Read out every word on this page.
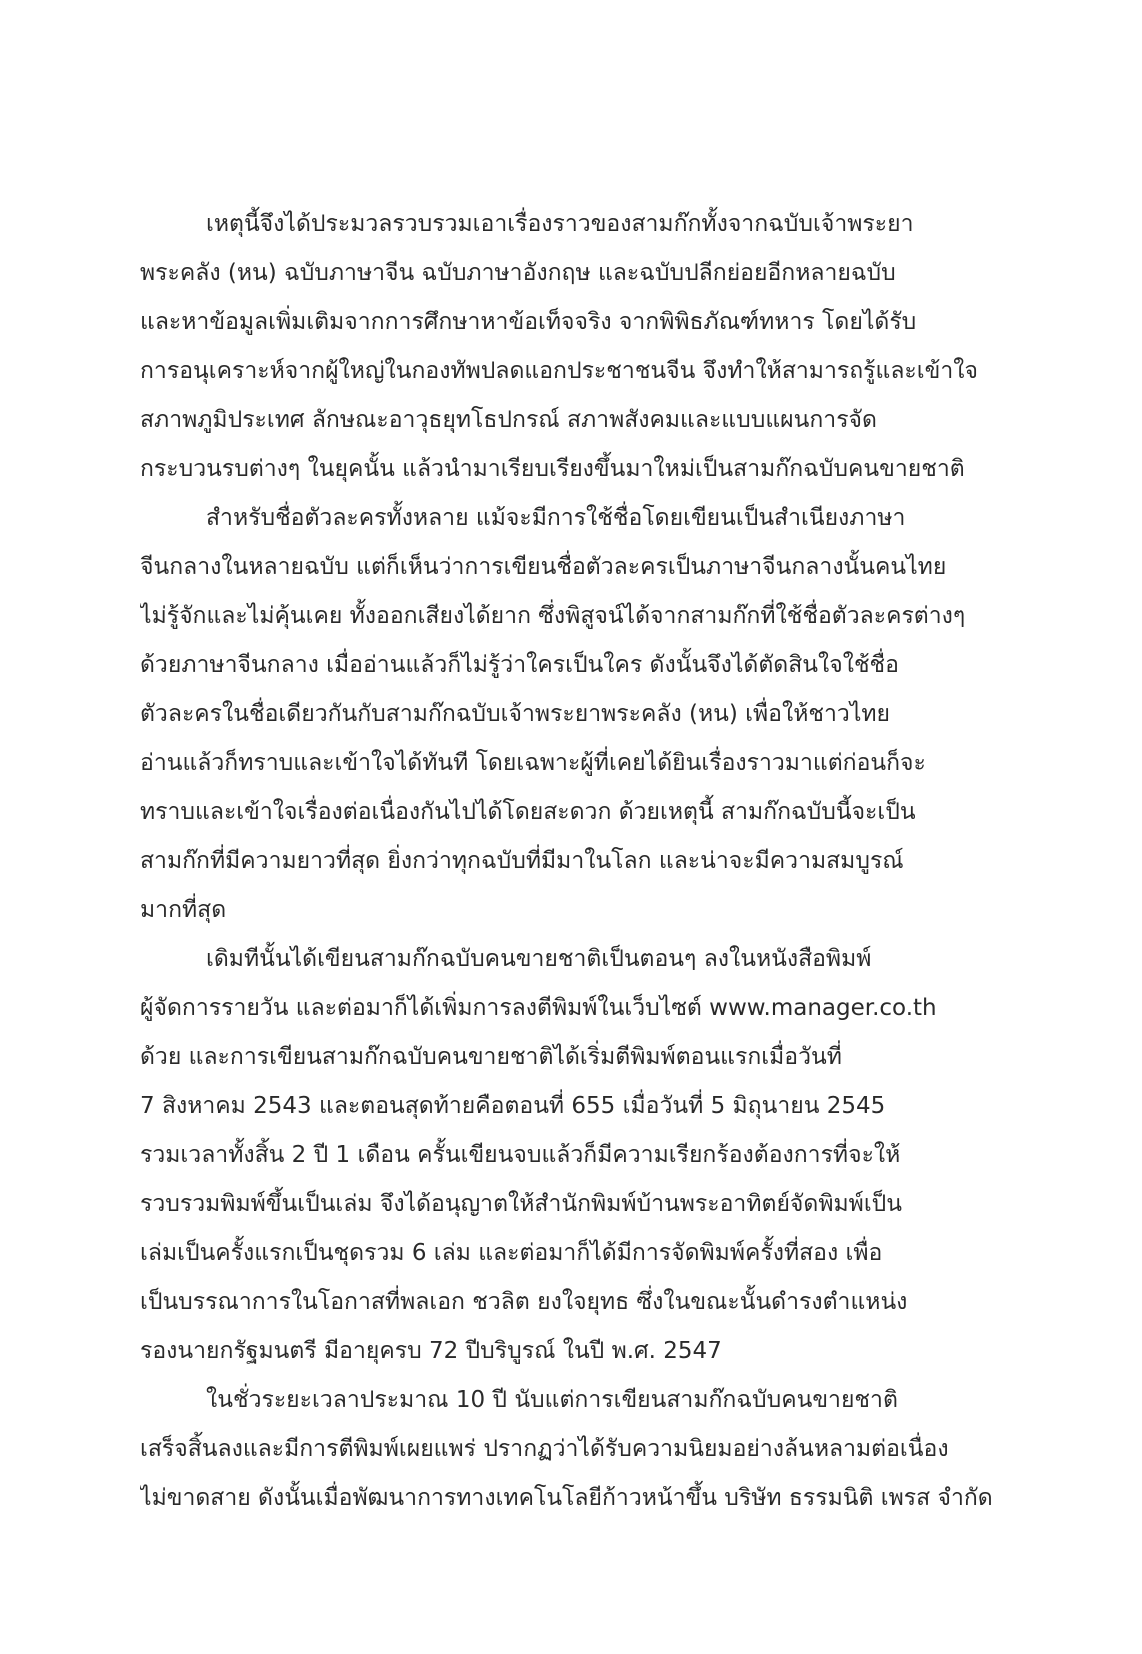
เหตุนี้จึงได้ประมวลรวบรวมเอาเรื่องราวของสามก๊กทั้งจากฉบับเจ้าพระยา
พระคลัง (หน) ฉบับภาษาจีน ฉบับภาษาอังกฤษ และฉบับปลีกย่อยอีกหลายฉบับ
และหาข้อมูลเพิ่มเติมจากการศึกษาหาข้อเท็จจริง จากพิพิธภัณฑ์ทหาร โดยได้รับ
การอนุเคราะห์จากผู้ใหญ่ในกองทัพปลดแอกประชาชนจีน จึงทำให้สามารถรู้และเข้าใจ
สภาพภูมิประเทศ ลักษณะอาวุธยุทโธปกรณ์ สภาพสังคมและแบบแผนการจัด
กระบวนรบต่างๆ ในยุคนั้น แล้วนำมาเรียบเรียงขึ้นมาใหม่เป็นสามก๊กฉบับคนขายชาติ
สำหรับชื่อตัวละครทั้งหลาย แม้จะมีการใช้ชื่อโดยเขียนเป็นสำเนียงภาษา
จีนกลางในหลายฉบับ แต่ก็เห็นว่าการเขียนชื่อตัวละครเป็นภาษาจีนกลางนั้นคนไทย
ไม่รู้จักและไม่คุ้นเคย ทั้งออกเสียงได้ยาก ซึ่งพิสูจน์ได้จากสามก๊กที่ใช้ชื่อตัวละครต่างๆ
ด้วยภาษาจีนกลาง เมื่ออ่านแล้วก็ไม่รู้ว่าใครเป็นใคร ดังนั้นจึงได้ตัดสินใจใช้ชื่อ
ตัวละครในชื่อเดียวกันกับสามก๊กฉบับเจ้าพระยาพระคลัง (หน) เพื่อให้ชาวไทย
อ่านแล้วก็ทราบและเข้าใจได้ทันที โดยเฉพาะผู้ที่เคยได้ยินเรื่องราวมาแต่ก่อนก็จะ
ทราบและเข้าใจเรื่องต่อเนื่องกันไปได้โดยสะดวก ด้วยเหตุนี้ สามก๊กฉบับนี้จะเป็น
สามก๊กที่มีความยาวที่สุด ยิ่งกว่าทุกฉบับที่มีมาในโลก และน่าจะมีความสมบูรณ์
มากที่สุด
เดิมทีนั้นได้เขียนสามก๊กฉบับคนขายชาติเป็นตอนๆ ลงในหนังสือพิมพ์
ผู้จัดการรายวัน และต่อมาก็ได้เพิ่มการลงตีพิมพ์ในเว็บไซต์ www.manager.co.th
ด้วย และการเขียนสามก๊กฉบับคนขายชาติได้เริ่มตีพิมพ์ตอนแรกเมื่อวันที่
7 สิงหาคม 2543 และตอนสุดท้ายคือตอนที่ 655 เมื่อวันที่ 5 มิถุนายน 2545
รวมเวลาทั้งสิ้น 2 ปี 1 เดือน ครั้นเขียนจบแล้วก็มีความเรียกร้องต้องการที่จะให้
รวบรวมพิมพ์ขึ้นเป็นเล่ม จึงได้อนุญาตให้สำนักพิมพ์บ้านพระอาทิตย์จัดพิมพ์เป็น
เล่มเป็นครั้งแรกเป็นชุดรวม 6 เล่ม และต่อมาก็ได้มีการจัดพิมพ์ครั้งที่สอง เพื่อ
เป็นบรรณาการในโอกาสที่พลเอก ชวลิต ยงใจยุทธ ซึ่งในขณะนั้นดำรงตำแหน่ง
รองนายกรัฐมนตรี มีอายุครบ 72 ปีบริบูรณ์ ในปี พ.ศ. 2547
ในชั่วระยะเวลาประมาณ 10 ปี นับแต่การเขียนสามก๊กฉบับคนขายชาติ
เสร็จสิ้นลงและมีการตีพิมพ์เผยแพร่ ปรากฏว่าได้รับความนิยมอย่างล้นหลามต่อเนื่อง
ไม่ขาดสาย ดังนั้นเมื่อพัฒนาการทางเทคโนโลยีก้าวหน้าขึ้น บริษัท ธรรมนิติ เพรส จำกัด
